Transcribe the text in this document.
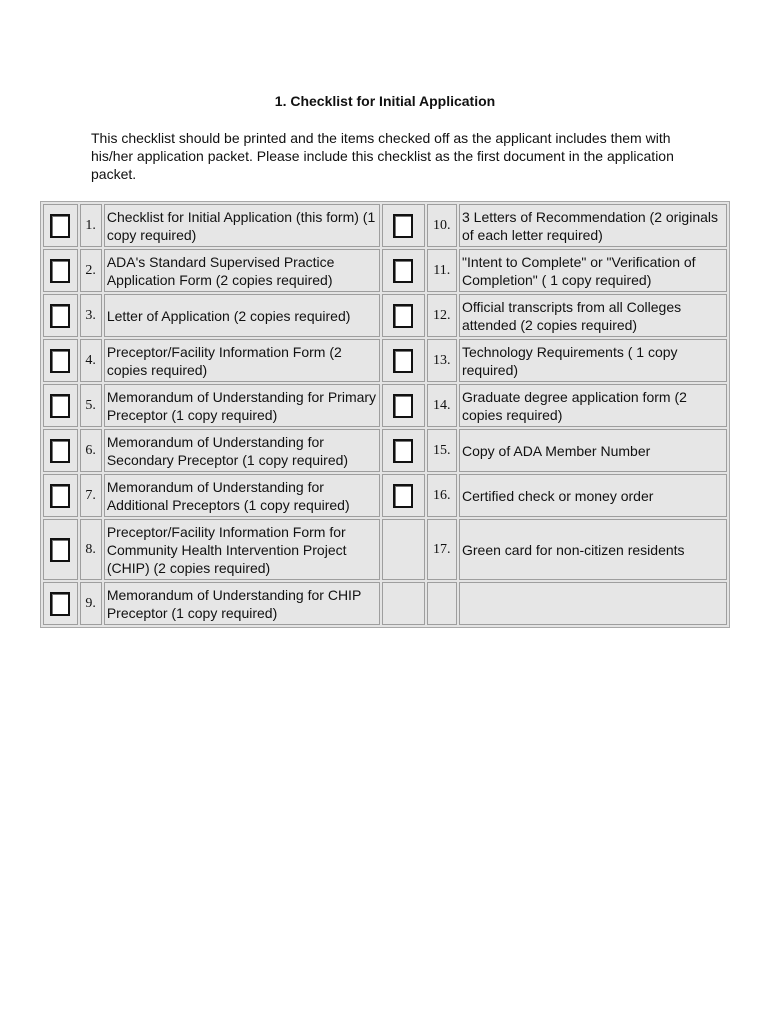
1. Checklist for Initial Application
This checklist should be printed and the items checked off as the applicant includes them with his/her application packet. Please include this checklist as the first document in the application packet.
	1.	Checklist for Initial Application (this form) (1 copy required)		10.	3 Letters of Recommendation (2 originals of each letter required)
	2.	ADA's Standard Supervised Practice Application Form (2 copies required)		11.	"Intent to Complete" or "Verification of Completion" ( 1 copy required)
	3.	Letter of Application (2 copies required)		12.	Official transcripts from all Colleges attended (2 copies required)
	4.	Preceptor/Facility Information Form (2 copies required)		13.	Technology Requirements ( 1 copy required)
	5.	Memorandum of Understanding for Primary Preceptor (1 copy required)		14.	Graduate degree application form (2 copies required)
	6.	Memorandum of Understanding for Secondary Preceptor (1 copy required)		15.	Copy of ADA Member Number
	7.	Memorandum of Understanding for Additional Preceptors (1 copy required)		16.	Certified check or money order
	8.	Preceptor/Facility Information Form for Community Health Intervention Project (CHIP) (2 copies required)		17.	Green card for non-citizen residents
	9.	Memorandum of Understanding for CHIP Preceptor (1 copy required)			
